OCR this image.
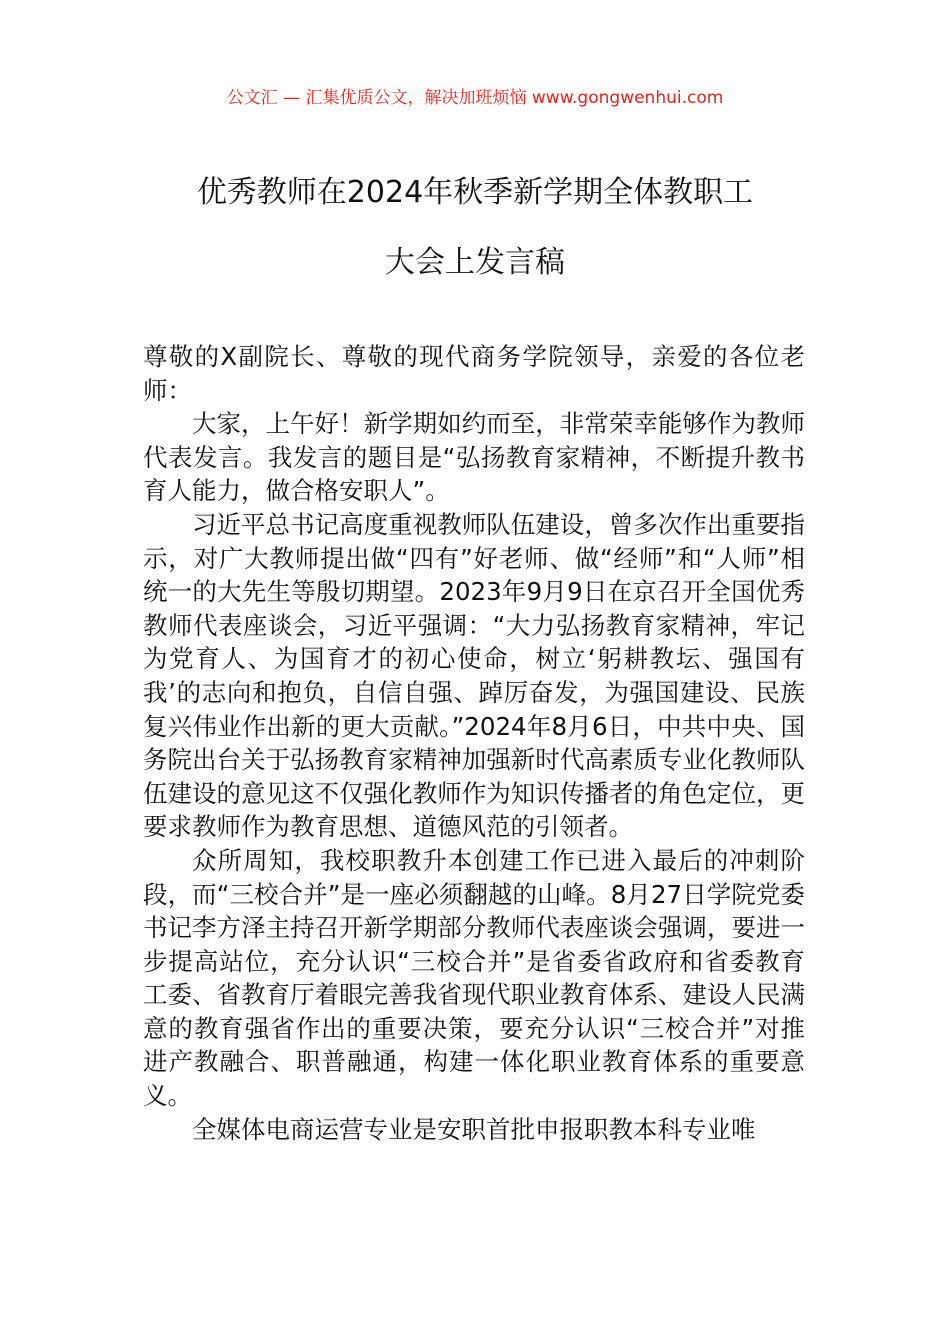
公文汇 — 汇集优质公文，解决加班烦恼 www.gongwenhui.com
优秀教师在2024年秋季新学期全体教职工
大会上发言稿

尊敬的X副院长、尊敬的现代商务学院领导，亲爱的各位老师：

大家，上午好！新学期如约而至，非常荣幸能够作为教师代表发言。我发言的题目是“弘扬教育家精神，不断提升教书育人能力，做合格安职人”。

习近平总书记高度重视教师队伍建设，曾多次作出重要指示，对广大教师提出做“四有”好老师、做“经师”和“人师”相统一的大先生等殷切期望。2023年9月9日在京召开全国优秀教师代表座谈会，习近平强调：“大力弘扬教育家精神，牢记为党育人、为国育才的初心使命，树立‘躬耕教坛、强国有我’的志向和抱负，自信自强、踔厉奋发，为强国建设、民族复兴伟业作出新的更大贡献。”2024年8月6日，中共中央、国务院出台关于弘扬教育家精神加强新时代高素质专业化教师队伍建设的意见这不仅强化教师作为知识传播者的角色定位，更要求教师作为教育思想、道德风范的引领者。

众所周知，我校职教升本创建工作已进入最后的冲刺阶段，而“三校合并”是一座必须翻越的山峰。8月27日学院党委书记李方泽主持召开新学期部分教师代表座谈会强调，要进一步提高站位，充分认识“三校合并”是省委省政府和省委教育工委、省教育厅着眼完善我省现代职业教育体系、建设人民满意的教育强省作出的重要决策，要充分认识“三校合并”对推进产教融合、职普融通，构建一体化职业教育体系的重要意义。

全媒体电商运营专业是安职首批申报职教本科专业唯
